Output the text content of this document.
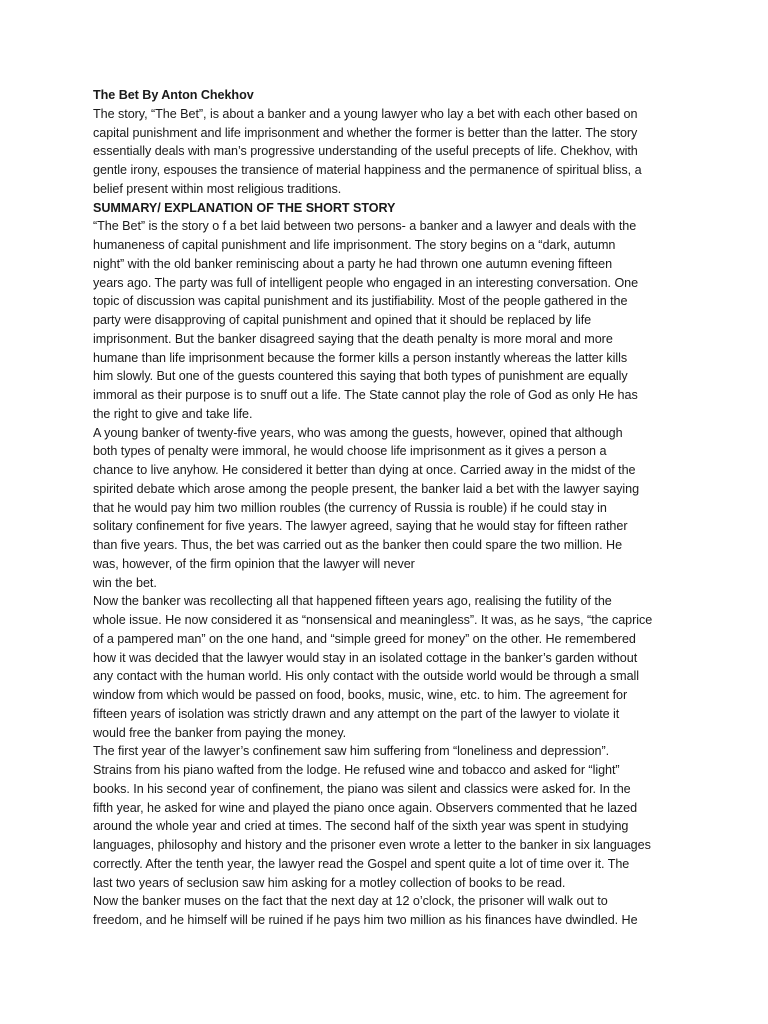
The Bet By Anton Chekhov
The story, “The Bet”, is about a banker and a young lawyer who lay a bet with each other based on
capital punishment and life imprisonment and whether the former is better than the latter. The story
essentially deals with man’s progressive understanding of the useful precepts of life. Chekhov, with
gentle irony, espouses the transience of material happiness and the permanence of spiritual bliss, a
belief present within most religious traditions.
SUMMARY/ EXPLANATION OF THE SHORT STORY
“The Bet” is the story o f a bet laid between two persons- a banker and a lawyer and deals with the
humaneness of capital punishment and life imprisonment. The story begins on a “dark, autumn
night” with the old banker reminiscing about a party he had thrown one autumn evening fifteen
years ago. The party was full of intelligent people who engaged in an interesting conversation. One
topic of discussion was capital punishment and its justifiability. Most of the people gathered in the
party were disapproving of capital punishment and opined that it should be replaced by life
imprisonment. But the banker disagreed saying that the death penalty is more moral and more
humane than life imprisonment because the former kills a person instantly whereas the latter kills
him slowly. But one of the guests countered this saying that both types of punishment are equally
immoral as their purpose is to snuff out a life. The State cannot play the role of God as only He has
the right to give and take life.
A young banker of twenty-five years, who was among the guests, however, opined that although
both types of penalty were immoral, he would choose life imprisonment as it gives a person a
chance to live anyhow. He considered it better than dying at once. Carried away in the midst of the
spirited debate which arose among the people present, the banker laid a bet with the lawyer saying
that he would pay him two million roubles (the currency of Russia is rouble) if he could stay in
solitary confinement for five years. The lawyer agreed, saying that he would stay for fifteen rather
than five years. Thus, the bet was carried out as the banker then could spare the two million. He
was, however, of the firm opinion that the lawyer will never
win the bet.
Now the banker was recollecting all that happened fifteen years ago, realising the futility of the
whole issue. He now considered it as “nonsensical and meaningless”. It was, as he says, “the caprice
of a pampered man” on the one hand, and “simple greed for money” on the other. He remembered
how it was decided that the lawyer would stay in an isolated cottage in the banker’s garden without
any contact with the human world. His only contact with the outside world would be through a small
window from which would be passed on food, books, music, wine, etc. to him. The agreement for
fifteen years of isolation was strictly drawn and any attempt on the part of the lawyer to violate it
would free the banker from paying the money.
The first year of the lawyer’s confinement saw him suffering from “loneliness and depression”.
Strains from his piano wafted from the lodge. He refused wine and tobacco and asked for “light”
books. In his second year of confinement, the piano was silent and classics were asked for. In the
fifth year, he asked for wine and played the piano once again. Observers commented that he lazed
around the whole year and cried at times. The second half of the sixth year was spent in studying
languages, philosophy and history and the prisoner even wrote a letter to the banker in six languages
correctly. After the tenth year, the lawyer read the Gospel and spent quite a lot of time over it. The
last two years of seclusion saw him asking for a motley collection of books to be read.
Now the banker muses on the fact that the next day at 12 o’clock, the prisoner will walk out to
freedom, and he himself will be ruined if he pays him two million as his finances have dwindled. He
